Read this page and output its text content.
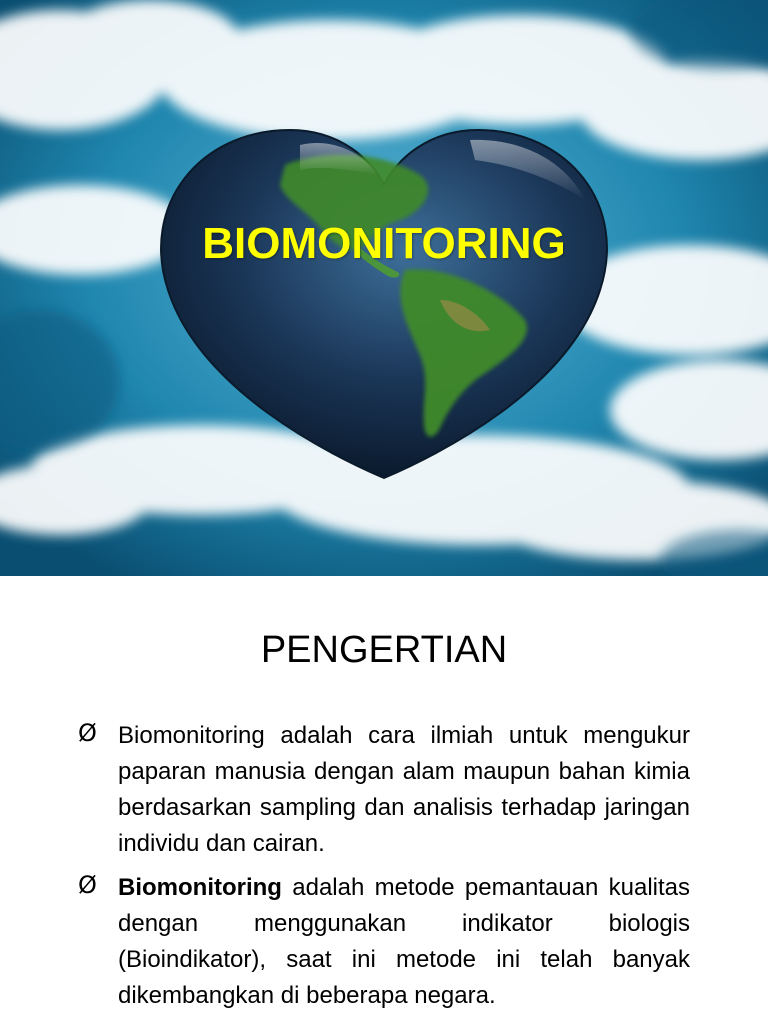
BIOMONITORING
PENGERTIAN
Ø Biomonitoring adalah cara ilmiah untuk mengukur paparan manusia dengan alam maupun bahan kimia berdasarkan sampling dan analisis terhadap jaringan individu dan cairan.
Ø Biomonitoring adalah metode pemantauan kualitas dengan menggunakan indikator biologis (Bioindikator), saat ini metode ini telah banyak dikembangkan di beberapa negara.
